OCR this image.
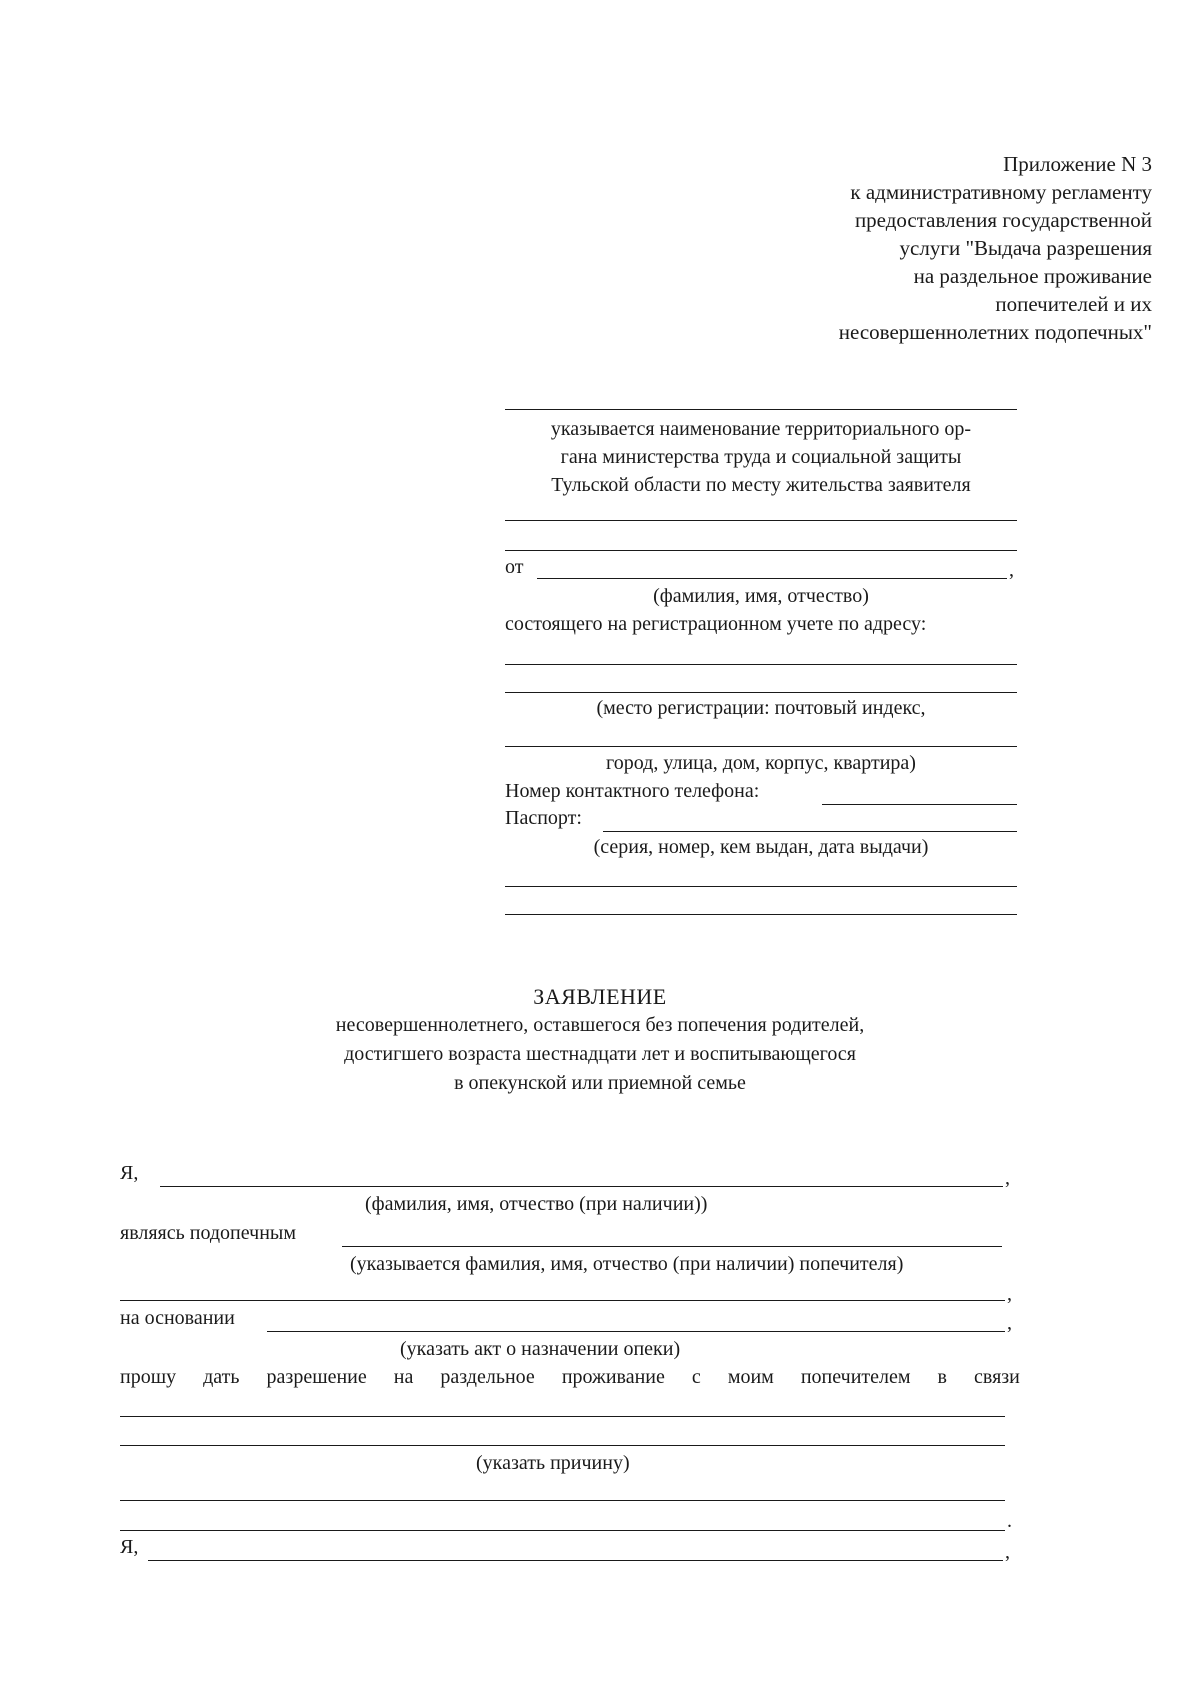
Приложение N 3
к административному регламенту
предоставления государственной
услуги "Выдача разрешения
на раздельное проживание
попечителей и их
несовершеннолетних подопечных"
указывается наименование территориального ор-
гана министерства труда и социальной защиты
Тульской области по месту жительства заявителя
от	,
(фамилия, имя, отчество)
состоящего на регистрационном учете по адресу:
(место регистрации: почтовый индекс,
город, улица, дом, корпус, квартира)
Номер контактного телефона:
Паспорт:
(серия, номер, кем выдан, дата выдачи)
ЗАЯВЛЕНИЕ
несовершеннолетнего, оставшегося без попечения родителей,
достигшего возраста шестнадцати лет и воспитывающегося
в опекунской или приемной семье
Я,	,
(фамилия, имя, отчество (при наличии))
являясь подопечным
(указывается фамилия, имя, отчество (при наличии) попечителя)
,
на основании	,
(указать акт о назначении опеки)
прошу дать разрешение на раздельное проживание с моим попечителем в связи
(указать причину)
.
Я,	,
